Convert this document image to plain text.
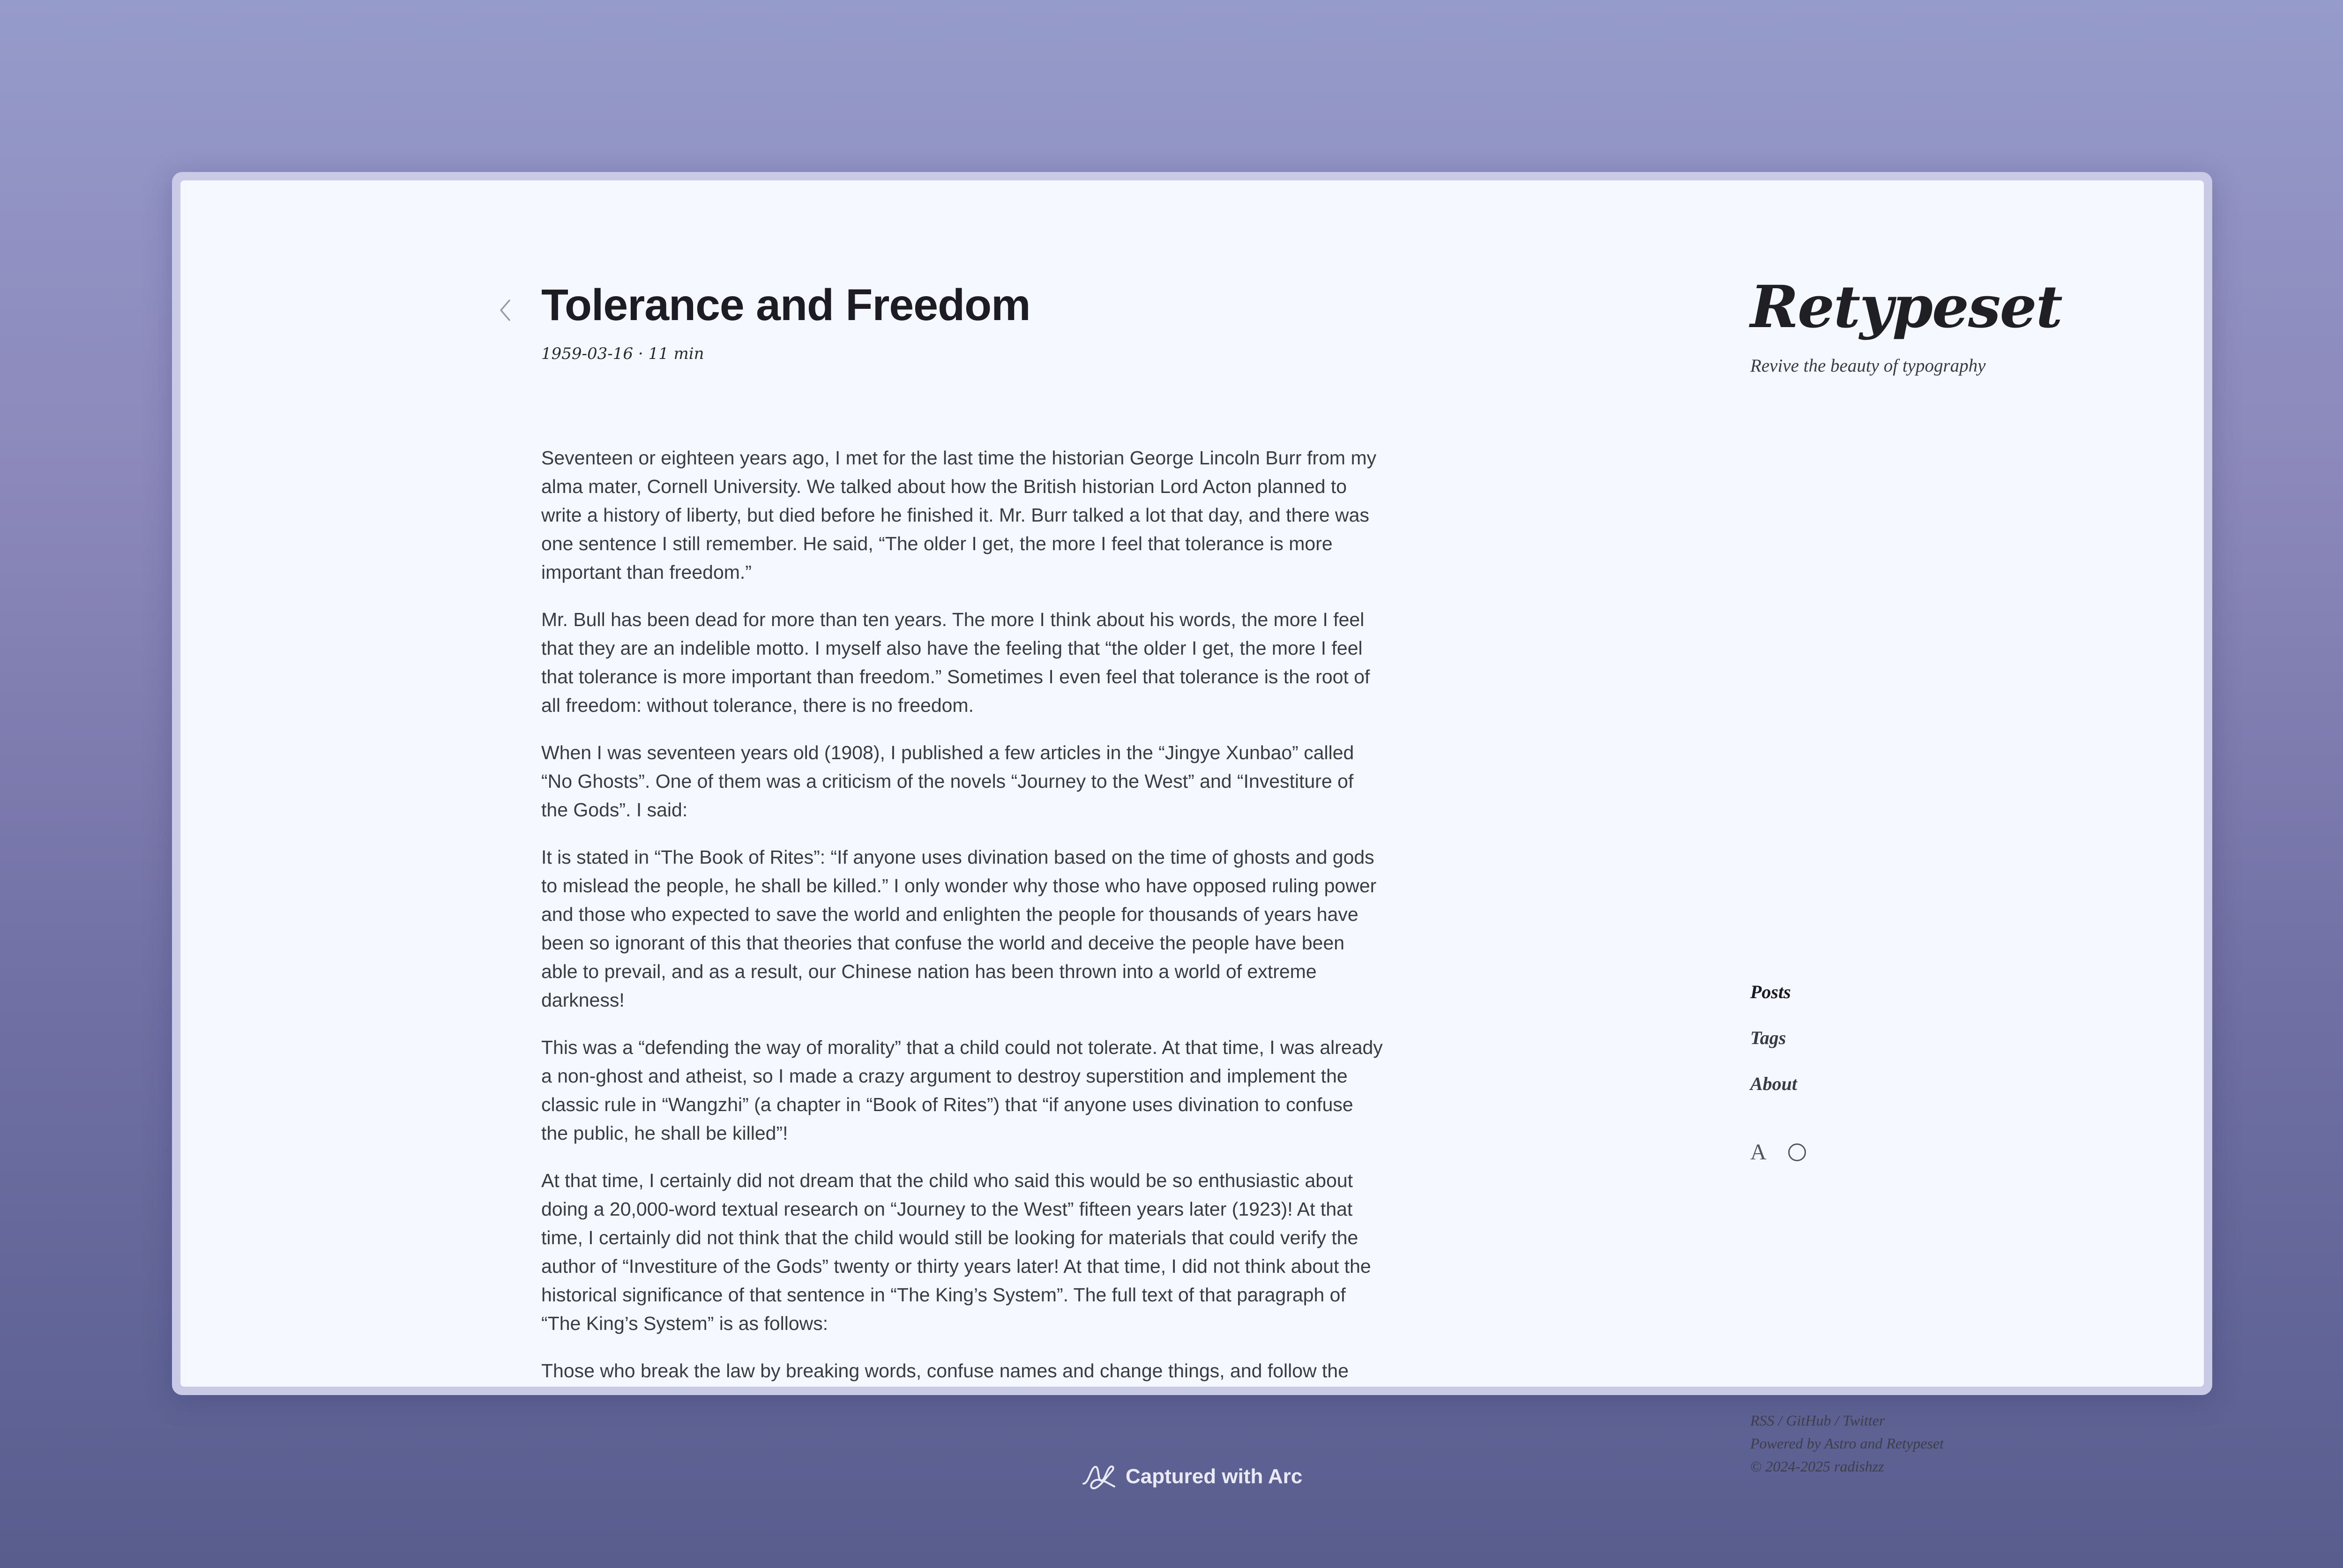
Tolerance and Freedom
1959-03-16 · 11 min

Seventeen or eighteen years ago, I met for the last time the historian George Lincoln Burr from my alma mater, Cornell University. We talked about how the British historian Lord Acton planned to write a history of liberty, but died before he finished it. Mr. Burr talked a lot that day, and there was one sentence I still remember. He said, “The older I get, the more I feel that tolerance is more important than freedom.”

Mr. Bull has been dead for more than ten years. The more I think about his words, the more I feel that they are an indelible motto. I myself also have the feeling that “the older I get, the more I feel that tolerance is more important than freedom.” Sometimes I even feel that tolerance is the root of all freedom: without tolerance, there is no freedom.

When I was seventeen years old (1908), I published a few articles in the “Jingye Xunbao” called “No Ghosts”. One of them was a criticism of the novels “Journey to the West” and “Investiture of the Gods”. I said:

It is stated in “The Book of Rites”: “If anyone uses divination based on the time of ghosts and gods to mislead the people, he shall be killed.” I only wonder why those who have opposed ruling power and those who expected to save the world and enlighten the people for thousands of years have been so ignorant of this that theories that confuse the world and deceive the people have been able to prevail, and as a result, our Chinese nation has been thrown into a world of extreme darkness!

This was a “defending the way of morality” that a child could not tolerate. At that time, I was already a non-ghost and atheist, so I made a crazy argument to destroy superstition and implement the classic rule in “Wangzhi” (a chapter in “Book of Rites”) that “if anyone uses divination to confuse the public, he shall be killed”!

At that time, I certainly did not dream that the child who said this would be so enthusiastic about doing a 20,000-word textual research on “Journey to the West” fifteen years later (1923)! At that time, I certainly did not think that the child would still be looking for materials that could verify the author of “Investiture of the Gods” twenty or thirty years later! At that time, I did not think about the historical significance of that sentence in “The King’s System”. The full text of that paragraph of “The King’s System” is as follows:

Those who break the law by breaking words, confuse names and change things, and follow the

Retypeset
Revive the beauty of typography
Posts
Tags
About
A
RSS / GitHub / Twitter
Powered by Astro and Retypeset
© 2024-2025 radishzz
Captured with Arc
